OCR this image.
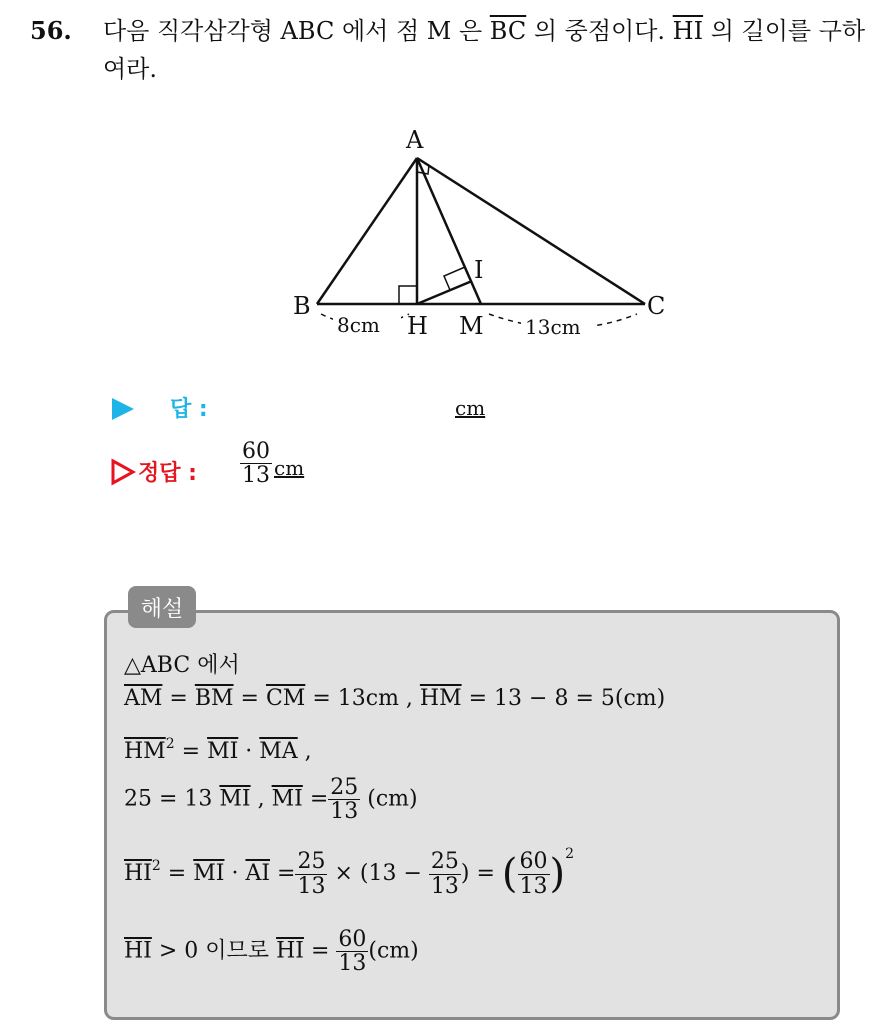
56. 다음 직각삼각형 ABC 에서 점 M 은 $\overline{BC}$ 의 중점이다. $\overline{HI}$ 의 길이를 구하여라.
A
B	C
H M
I
8cm	13cm
답 :	cm
정답 : $\frac{60}{13}$ cm
해설
△ABC 에서
$\overline{AM} = \overline{BM} = \overline{CM} = 13cm$ , $\overline{HM} = 13 - 8 = 5(cm)$
$\overline{HM}^2 = \overline{MI} \cdot \overline{MA}$ ,
25 = 13 $\overline{MI}$ , $\overline{MI} = \frac{25}{13} (cm)$
$\overline{HI}^2 = \overline{MI} \cdot \overline{AI} = \frac{25}{13} \times (13 - \frac{25}{13}$ ) = ( $\frac{60}{13} )^2$
$\overline{HI} > 0$ 이므로 $\overline{HI} = \frac{60}{13} (cm)$
